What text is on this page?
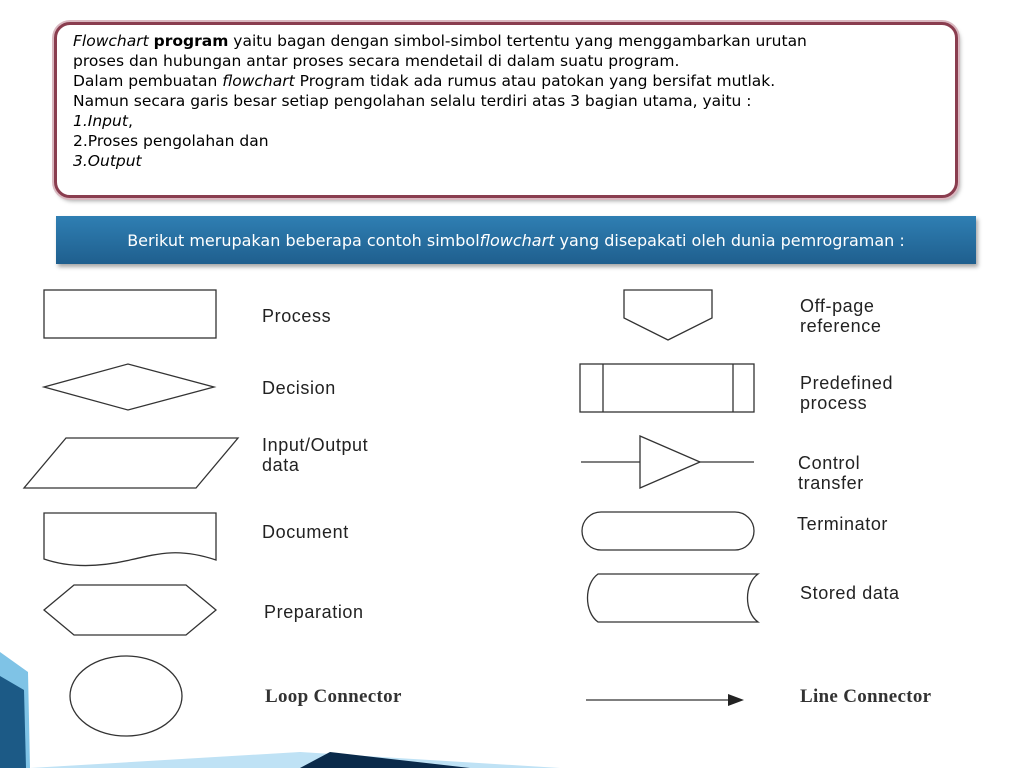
Flowchart program yaitu bagan dengan simbol-simbol tertentu yang menggambarkan urutan
proses dan hubungan antar proses secara mendetail di dalam suatu program.
Dalam pembuatan flowchart Program tidak ada rumus atau patokan yang bersifat mutlak.
Namun secara garis besar setiap pengolahan selalu terdiri atas 3 bagian utama, yaitu :
1.Input,
2.Proses pengolahan dan
3.Output
Berikut merupakan beberapa contoh simbol flowchart yang disepakati oleh dunia pemrograman :
Process
Decision
Input/Output
data
Document
Preparation
Loop Connector
Off-page
reference
Predefined
process
Control
transfer
Terminator
Stored data
Line Connector
